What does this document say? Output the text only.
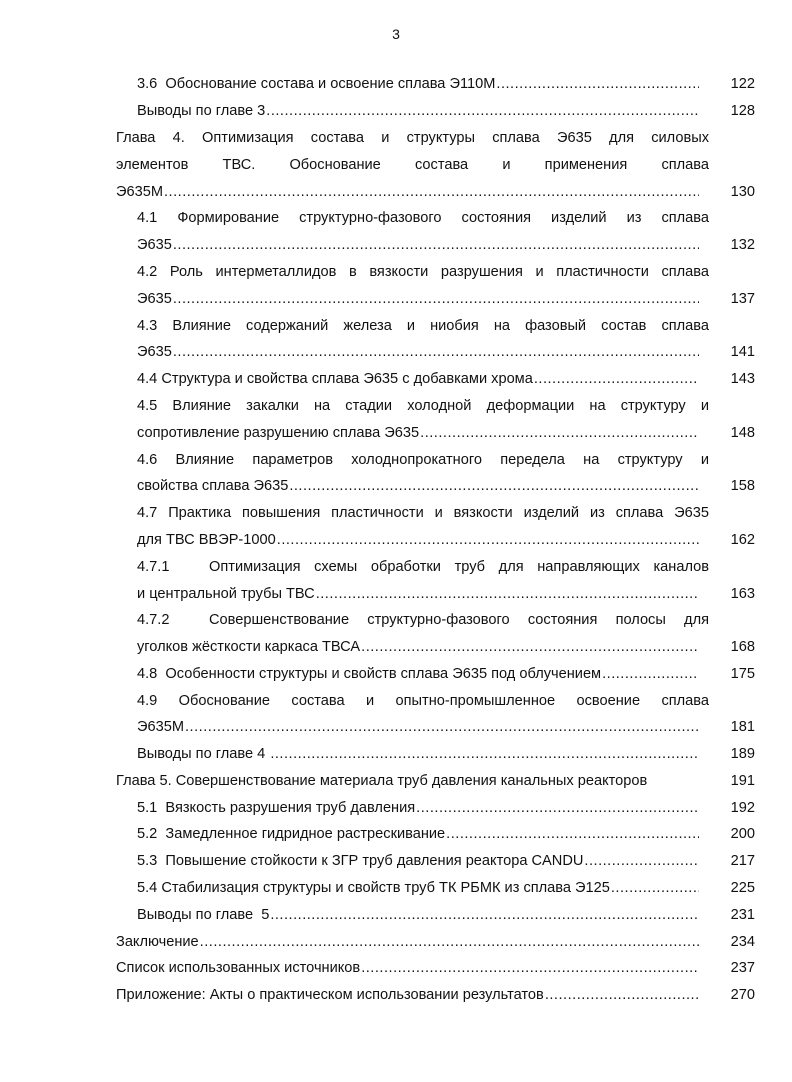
3
3.6  Обоснование состава и освоение сплава Э110М .....	122
Выводы по главе 3 .....	128
Глава 4. Оптимизация состава и структуры сплава Э635 для силовых
элементов ТВС. Обоснование состава и применения сплава
Э635М .....	130
4.1 Формирование структурно-фазового состояния изделий из сплава
Э635 .....	132
4.2 Роль интерметаллидов в вязкости разрушения и пластичности сплава
Э635 .....	137
4.3 Влияние содержаний железа и ниобия на фазовый состав сплава
Э635 .....	141
4.4 Структура и свойства сплава Э635 с добавками хрома .....	143
4.5 Влияние закалки на стадии холодной деформации на структуру и
сопротивление разрушению сплава Э635 .....	148
4.6 Влияние параметров холоднопрокатного передела на структуру и
свойства сплава Э635 .....	158
4.7 Практика повышения пластичности и вязкости изделий из сплава Э635
для ТВС ВВЭР-1000 .....	162
4.7.1	Оптимизация схемы обработки труб для направляющих каналов
и центральной трубы ТВС .....	163
4.7.2	Совершенствование структурно-фазового состояния полосы для
уголков жёсткости каркаса ТВСА .....	168
4.8  Особенности структуры и свойств сплава Э635 под облучением .....	175
4.9 Обоснование состава и опытно-промышленное освоение сплава
Э635М .....	181
Выводы по главе 4 .....	189
Глава 5. Совершенствование материала труб давления канальных реакторов	191
5.1  Вязкость разрушения труб давления .....	192
5.2  Замедленное гидридное растрескивание .....	200
5.3  Повышение стойкости к ЗГР труб давления реактора CANDU .....	217
5.4 Стабилизация структуры и свойств труб ТК РБМК из сплава Э125 .....	225
Выводы по главе  5 .....	231
Заключение .....	234
Список использованных источников .....	237
Приложение: Акты о практическом использовании результатов .....	270
